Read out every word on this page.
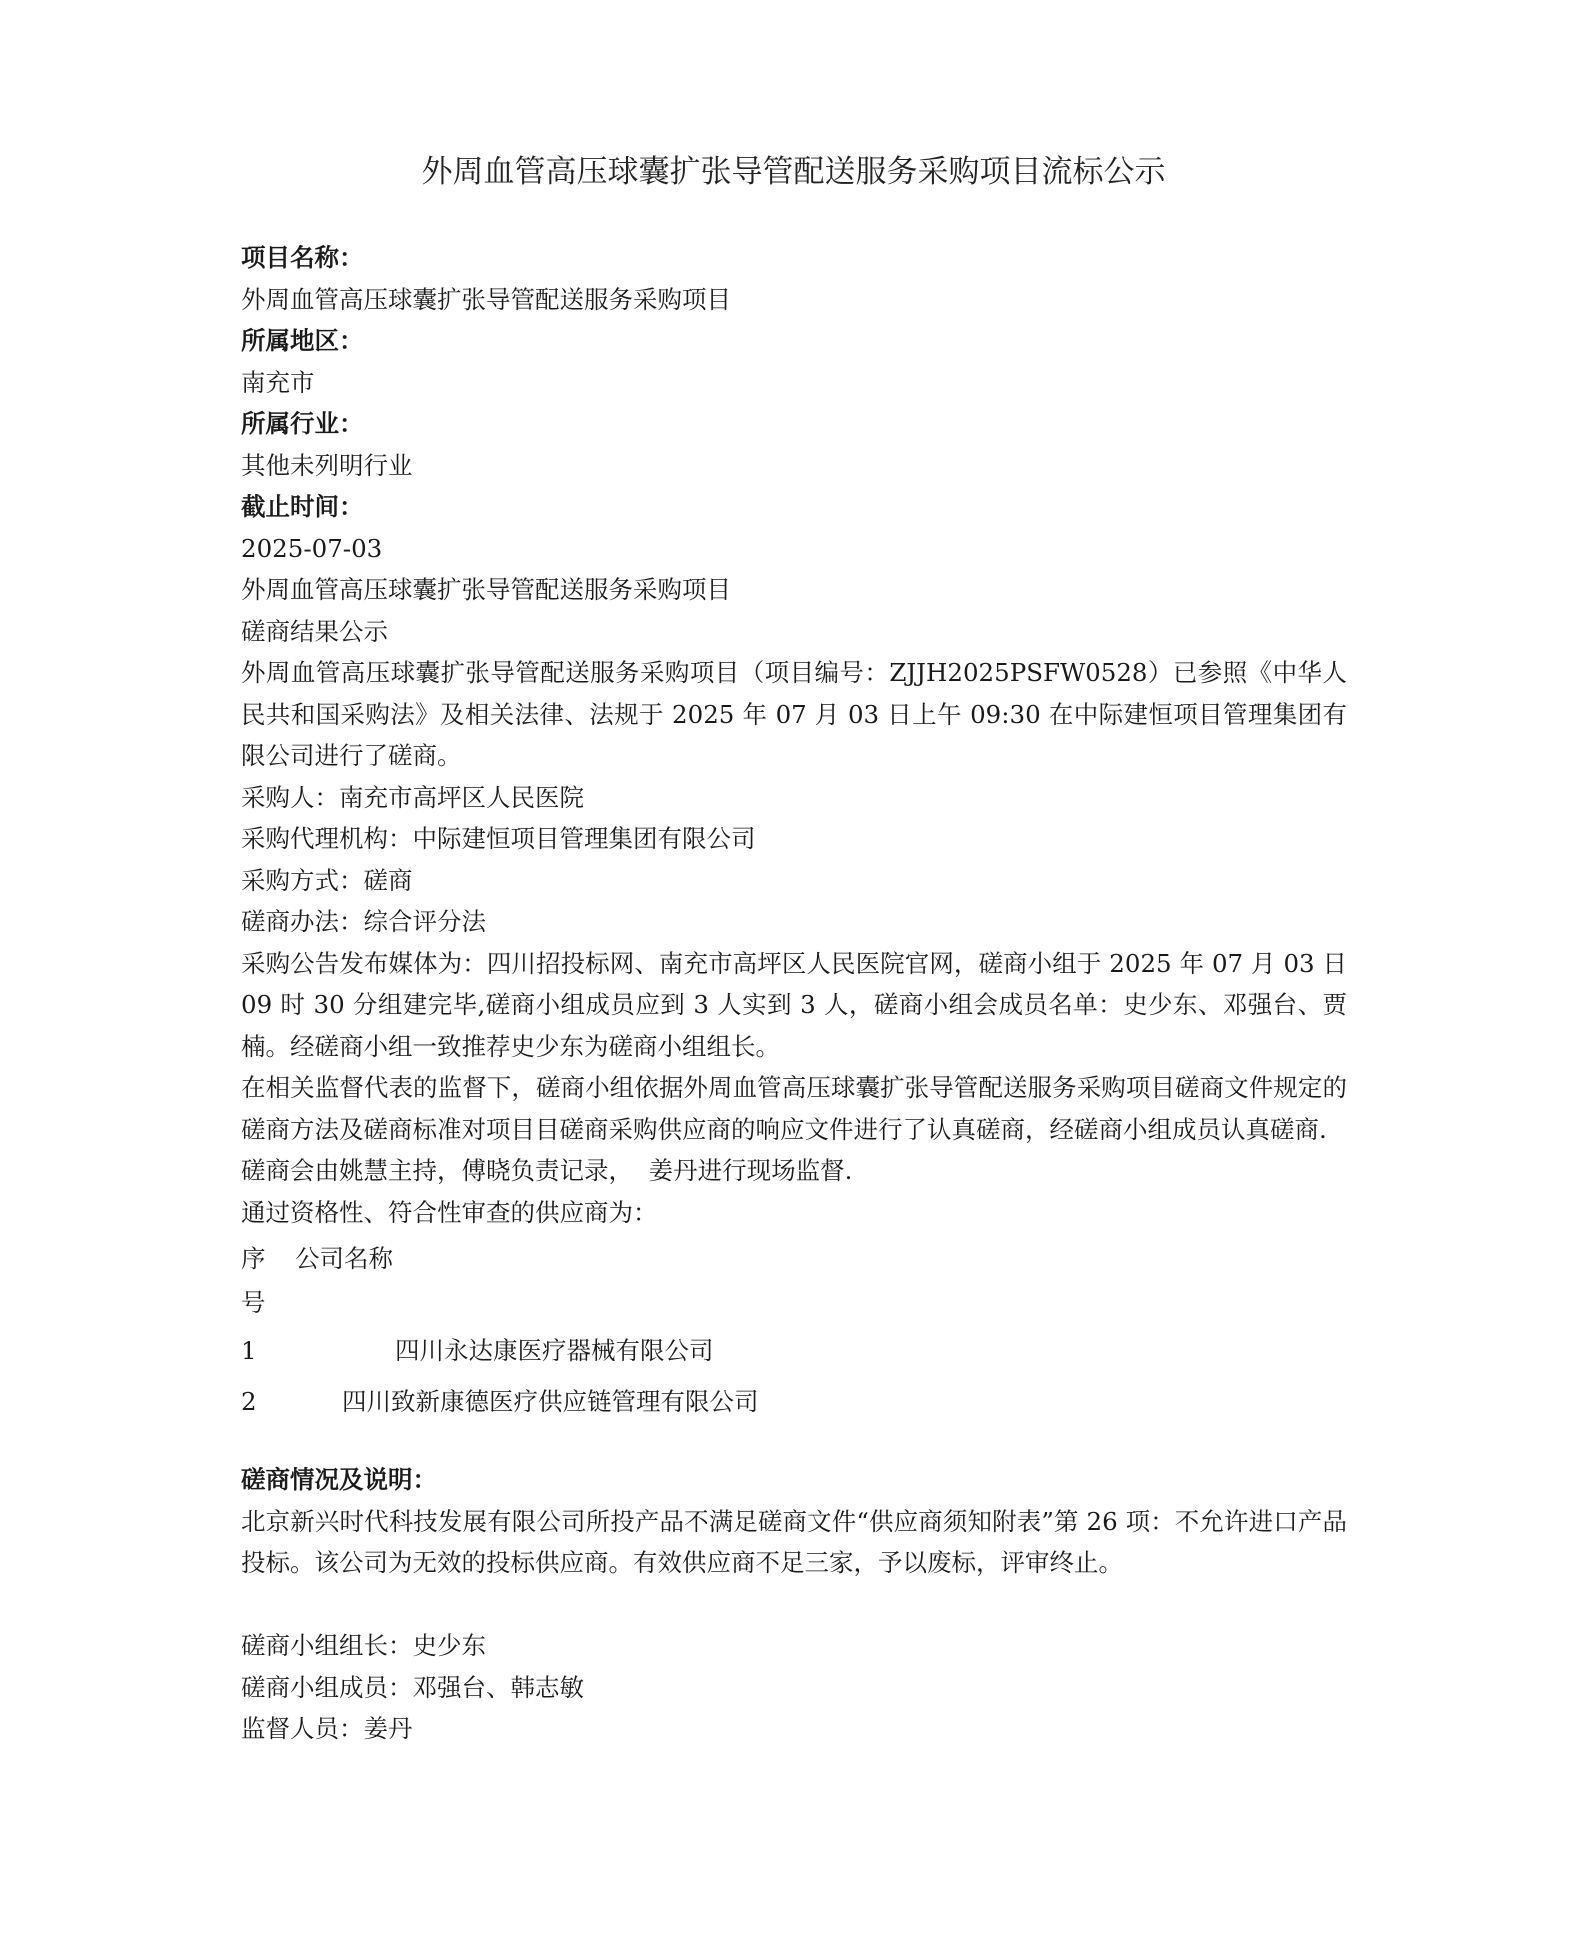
外周血管高压球囊扩张导管配送服务采购项目流标公示
项目名称：
外周血管高压球囊扩张导管配送服务采购项目
所属地区：
南充市
所属行业：
其他未列明行业
截止时间：
2025-07-03
外周血管高压球囊扩张导管配送服务采购项目
磋商结果公示
外周血管高压球囊扩张导管配送服务采购项目（项目编号：ZJJH2025PSFW0528）已参照《中华人民共和国采购法》及相关法律、法规于 2025 年 07 月 03 日上午 09:30 在中际建恒项目管理集团有限公司进行了磋商。
采购人：南充市高坪区人民医院
采购代理机构：中际建恒项目管理集团有限公司
采购方式：磋商
磋商办法：综合评分法
采购公告发布媒体为：四川招投标网、南充市高坪区人民医院官网，磋商小组于 2025 年 07 月 03 日 09 时 30 分组建完毕,磋商小组成员应到 3 人实到 3 人，磋商小组会成员名单：史少东、邓强台、贾楠。经磋商小组一致推荐史少东为磋商小组组长。
在相关监督代表的监督下，磋商小组依据外周血管高压球囊扩张导管配送服务采购项目磋商文件规定的磋商方法及磋商标准对项目目磋商采购供应商的响应文件进行了认真磋商，经磋商小组成员认真磋商.
磋商会由姚慧主持，傅晓负责记录，  姜丹进行现场监督.
通过资格性、符合性审查的供应商为：
序
号
公司名称
1	四川永达康医疗器械有限公司
2	四川致新康德医疗供应链管理有限公司
磋商情况及说明：
北京新兴时代科技发展有限公司所投产品不满足磋商文件“供应商须知附表”第 26 项：不允许进口产品投标。该公司为无效的投标供应商。有效供应商不足三家，予以废标，评审终止。
磋商小组组长：史少东
磋商小组成员：邓强台、韩志敏
监督人员：姜丹
